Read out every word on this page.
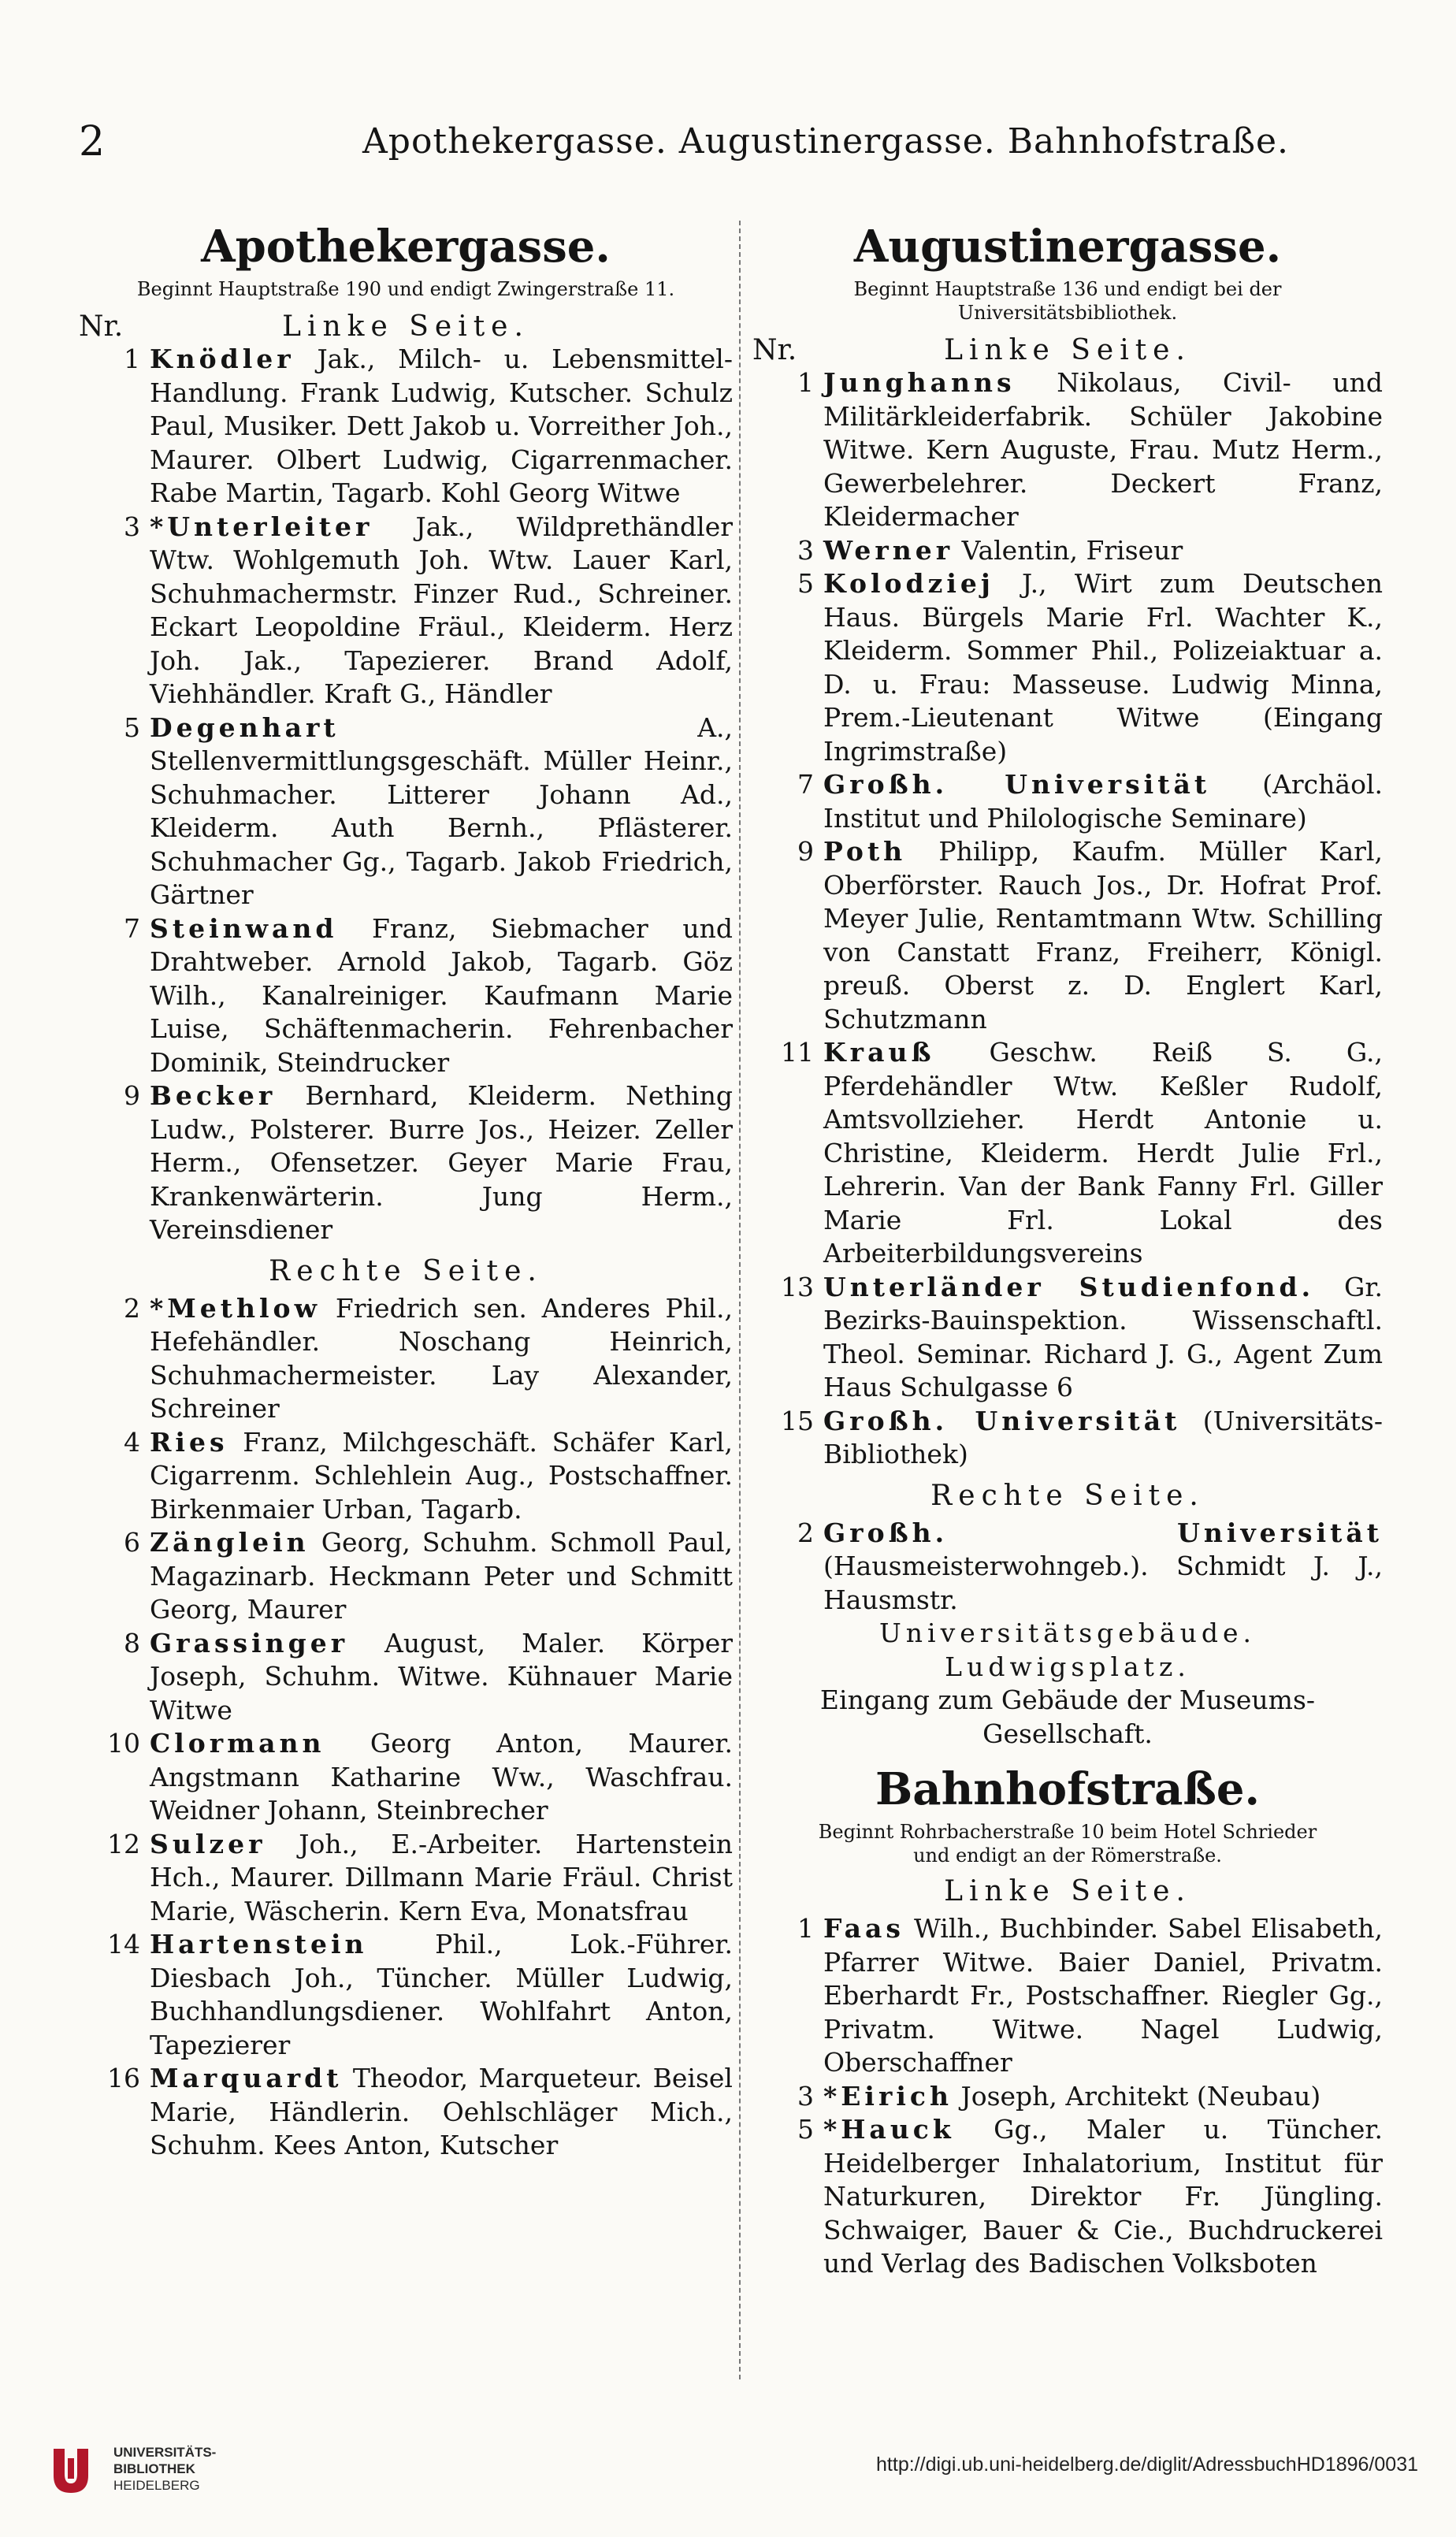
2	Apothekergasse. Augustinergasse. Bahnhofstraße.
Apothekergasse.
Beginnt Hauptstraße 190 und endigt Zwingerstraße 11.
Nr.	Linke Seite.
1 Knödler Jak., Milch- u. Lebensmittel-Handlung. Frank Ludwig, Kutscher. Schulz Paul, Musiker. Dett Jakob u. Vorreither Joh., Maurer. Olbert Ludwig, Cigarrenmacher. Rabe Martin, Tagarb. Kohl Georg Witwe
3 *Unterleiter Jak., Wildprethändler Wtw. Wohlgemuth Joh. Wtw. Lauer Karl, Schuhmachermstr. Finzer Rud., Schreiner. Eckart Leopoldine Fräul., Kleiderm. Herz Joh. Jak., Tapezierer. Brand Adolf, Viehhändler. Kraft G., Händler
5 Degenhart	A., Stellenvermittlungsgeschäft. Müller Heinr., Schuhmacher. Litterer Johann Ad., Kleiderm. Auth Bernh., Pflästerer. Schuhmacher Gg., Tagarb. Jakob Friedrich, Gärtner
7 Steinwand Franz, Siebmacher und Drahtweber. Arnold Jakob, Tagarb. Göz Wilh., Kanalreiniger. Kaufmann Marie Luise, Schäftenmacherin. Fehrenbacher Dominik, Steindrucker
9 Becker Bernhard, Kleiderm. Nething Ludw., Polsterer. Burre Jos., Heizer. Zeller Herm., Ofensetzer. Geyer Marie Frau, Krankenwärterin. Jung Herm., Vereinsdiener
Rechte Seite.
2 *Methlow Friedrich sen. Anderes Phil., Hefehändler. Noschang Heinrich, Schuhmachermeister. Lay Alexander, Schreiner
4 Ries Franz, Milchgeschäft. Schäfer Karl, Cigarrenm. Schlehlein Aug., Postschaffner. Birkenmaier Urban, Tagarb.
6 Zänglein Georg, Schuhm. Schmoll Paul, Magazinarb. Heckmann Peter und Schmitt Georg, Maurer
8 Grassinger August, Maler. Körper Joseph, Schuhm. Witwe. Kühnauer Marie Witwe
10 Clormann Georg Anton, Maurer. Angstmann Katharine Ww., Waschfrau. Weidner Johann, Steinbrecher
12 Sulzer Joh., E.-Arbeiter. Hartenstein Hch., Maurer. Dillmann Marie Fräul. Christ Marie, Wäscherin. Kern Eva, Monatsfrau
14 Hartenstein	Phil., Lok.-Führer. Diesbach Joh., Tüncher. Müller Ludwig, Buchhandlungsdiener. Wohlfahrt Anton, Tapezierer
16 Marquardt Theodor, Marqueteur. Beisel Marie, Händlerin. Oehlschläger Mich., Schuhm. Kees Anton, Kutscher
Augustinergasse.
Beginnt Hauptstraße 136 und endigt bei der
Universitätsbibliothek.
Nr.	Linke Seite.
1 Junghanns Nikolaus, Civil- und Militärkleiderfabrik. Schüler Jakobine Witwe. Kern Auguste, Frau. Mutz Herm., Gewerbelehrer. Deckert Franz, Kleidermacher
3 Werner Valentin, Friseur
5 Kolodziej J., Wirt zum Deutschen Haus. Bürgels Marie Frl. Wachter K., Kleiderm. Sommer Phil., Polizeiaktuar a. D. u. Frau: Masseuse. Ludwig Minna, Prem.-Lieutenant Witwe (Eingang Ingrimstraße)
7 Großh. Universität (Archäol. Institut und Philologische Seminare)
9 Poth Philipp, Kaufm. Müller Karl, Oberförster. Rauch Jos., Dr. Hofrat Prof. Meyer Julie, Rentamtmann Wtw. Schilling von Canstatt Franz, Freiherr, Königl. preuß. Oberst z. D. Englert Karl, Schutzmann
11 Krauß Geschw. Reiß S. G., Pferdehändler Wtw. Keßler Rudolf, Amtsvollzieher. Herdt Antonie u. Christine, Kleiderm. Herdt Julie Frl., Lehrerin. Van der Bank Fanny Frl. Giller Marie Frl. Lokal des Arbeiterbildungsvereins
13 Unterländer Studienfond. Gr. Bezirks-Bauinspektion. Wissenschaftl. Theol. Seminar. Richard J. G., Agent Zum Haus Schulgasse 6
15 Großh. Universität (Universitäts-Bibliothek)
Rechte Seite.
2 Großh. Universität (Hausmeisterwohngeb.). Schmidt J. J., Hausmstr.
Universitätsgebäude.
Ludwigsplatz.
Eingang zum Gebäude der Museums-Gesellschaft.
Bahnhofstraße.
Beginnt Rohrbacherstraße 10 beim Hotel Schrieder
und endigt an der Römerstraße.
Linke Seite.
1 Faas Wilh., Buchbinder. Sabel Elisabeth, Pfarrer Witwe. Baier Daniel, Privatm. Eberhardt Fr., Postschaffner. Riegler Gg., Privatm. Witwe. Nagel Ludwig, Oberschaffner
3 *Eirich Joseph, Architekt (Neubau)
5 *Hauck Gg., Maler u. Tüncher. Heidelberger Inhalatorium, Institut für Naturkuren, Direktor Fr. Jüngling. Schwaiger, Bauer & Cie., Buchdruckerei und Verlag des Badischen Volksboten
UNIVERSITÄTS-
BIBLIOTHEK
HEIDELBERG
http://digi.ub.uni-heidelberg.de/diglit/AdressbuchHD1896/0031
